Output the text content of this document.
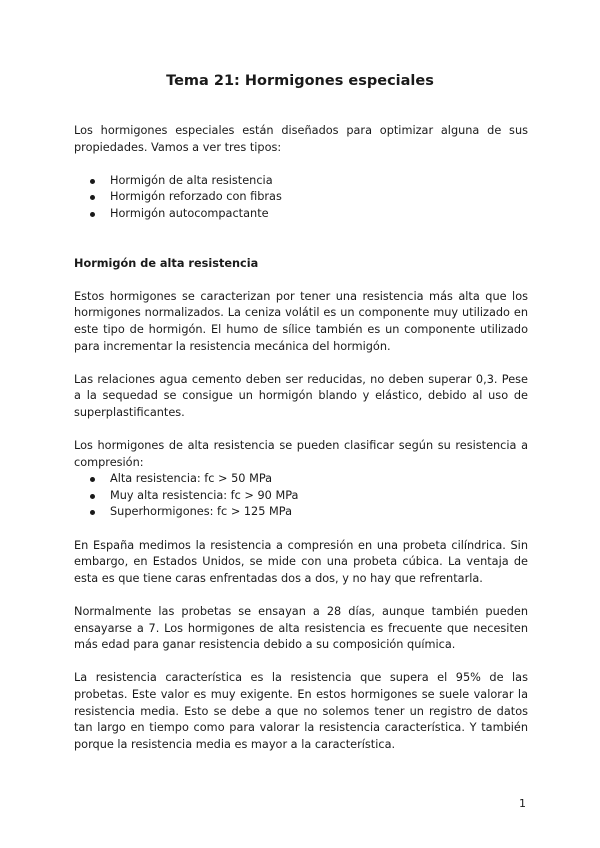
Tema 21: Hormigones especiales

Los hormigones especiales están diseñados para optimizar alguna de sus propiedades. Vamos a ver tres tipos:

Hormigón de alta resistencia
Hormigón reforzado con fibras
Hormigón autocompactante

Hormigón de alta resistencia

Estos hormigones se caracterizan por tener una resistencia más alta que los hormigones normalizados. La ceniza volátil es un componente muy utilizado en este tipo de hormigón. El humo de sílice también es un componente utilizado para incrementar la resistencia mecánica del hormigón.

Las relaciones agua cemento deben ser reducidas, no deben superar 0,3. Pese a la sequedad se consigue un hormigón blando y elástico, debido al uso de superplastificantes.

Los hormigones de alta resistencia se pueden clasificar según su resistencia a compresión:

Alta resistencia: fc > 50 MPa
Muy alta resistencia: fc > 90 MPa
Superhormigones: fc > 125 MPa

En España medimos la resistencia a compresión en una probeta cilíndrica. Sin embargo, en Estados Unidos, se mide con una probeta cúbica. La ventaja de esta es que tiene caras enfrentadas dos a dos, y no hay que refrentarla.

Normalmente las probetas se ensayan a 28 días, aunque también pueden ensayarse a 7. Los hormigones de alta resistencia es frecuente que necesiten más edad para ganar resistencia debido a su composición química.

La resistencia característica es la resistencia que supera el 95% de las probetas. Este valor es muy exigente. En estos hormigones se suele valorar la resistencia media. Esto se debe a que no solemos tener un registro de datos tan largo en tiempo como para valorar la resistencia característica. Y también porque la resistencia media es mayor a la característica.

1
